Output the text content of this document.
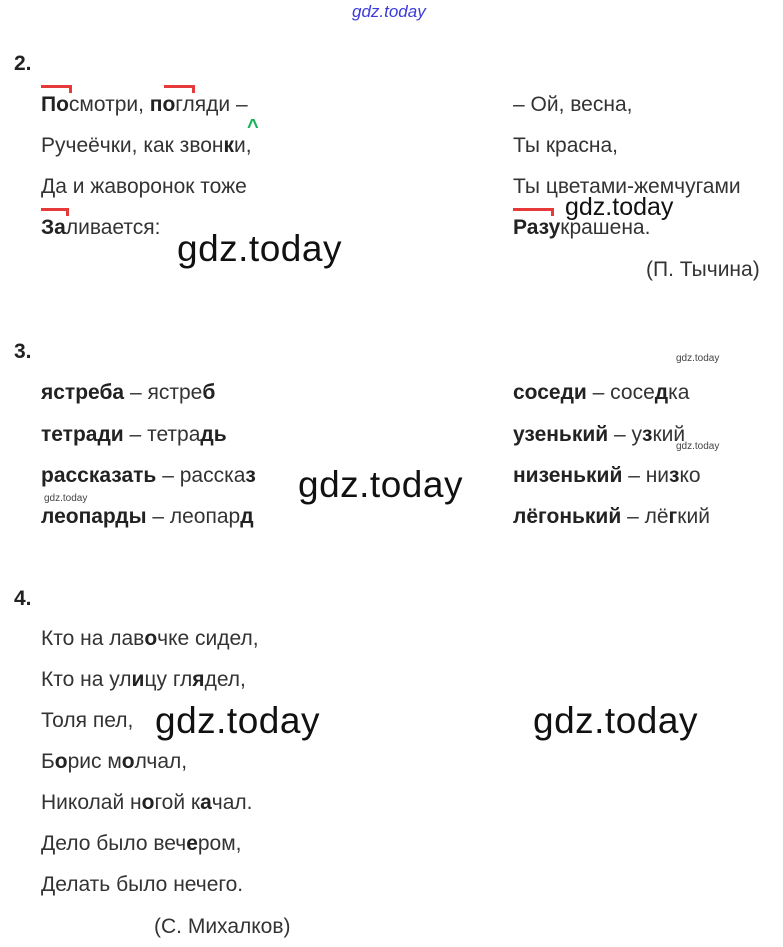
gdz.today
2.
Посмотри, погляди –
Ручеёчки, как звонки,
Да и жаворонок тоже
Заливается:
– Ой, весна,
Ты красна,
Ты цветами-жемчугами
Разукрашена.
(П. Тычина)
^
gdz.today
gdz.today
3.
ястреба – ястреб
тетради – тетрадь
рассказать – рассказ
леопарды – леопард
соседи – соседка
узенький – узкий
низенький – низко
лёгонький – лёгкий
gdz.today
gdz.today
gdz.today	gdz.today
4.
Кто на лавочке сидел,
Кто на улицу глядел,
Толя пел,
Борис молчал,
Николай ногой качал.
Дело было вечером,
Делать было нечего.
(С. Михалков)
gdz.today	gdz.today
